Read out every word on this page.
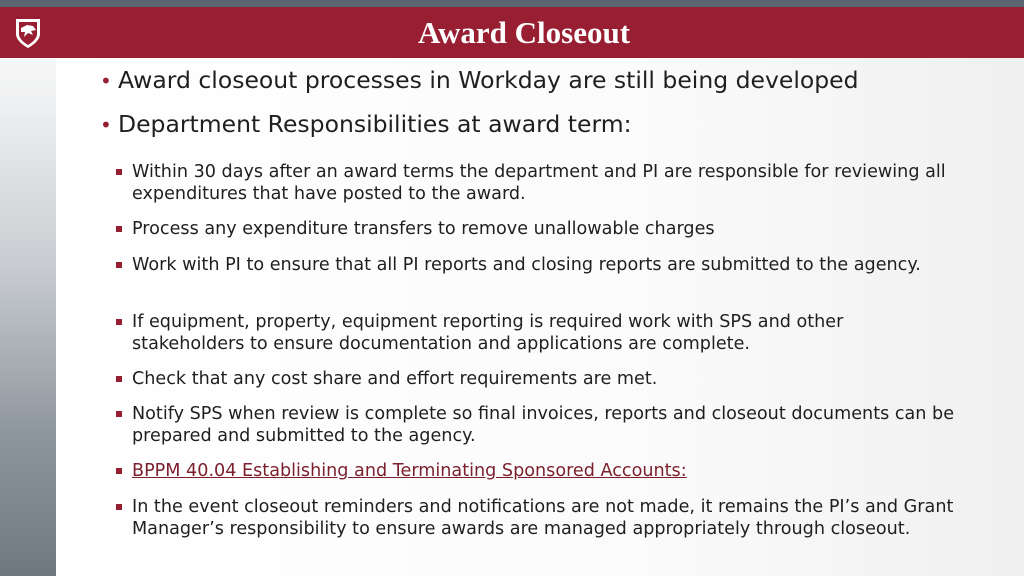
Award Closeout
• Award closeout processes in Workday are still being developed
• Department Responsibilities at award term:
Within 30 days after an award terms the department and PI are responsible for reviewing all expenditures that have posted to the award.
Process any expenditure transfers to remove unallowable charges
Work with PI to ensure that all PI reports and closing reports are submitted to the agency.
If equipment, property, equipment reporting is required work with SPS and other stakeholders to ensure documentation and applications are complete.
Check that any cost share and effort requirements are met.
Notify SPS when review is complete so final invoices, reports and closeout documents can be prepared and submitted to the agency.
BPPM 40.04 Establishing and Terminating Sponsored Accounts:
In the event closeout reminders and notifications are not made, it remains the PI’s and Grant Manager’s responsibility to ensure awards are managed appropriately through closeout.
